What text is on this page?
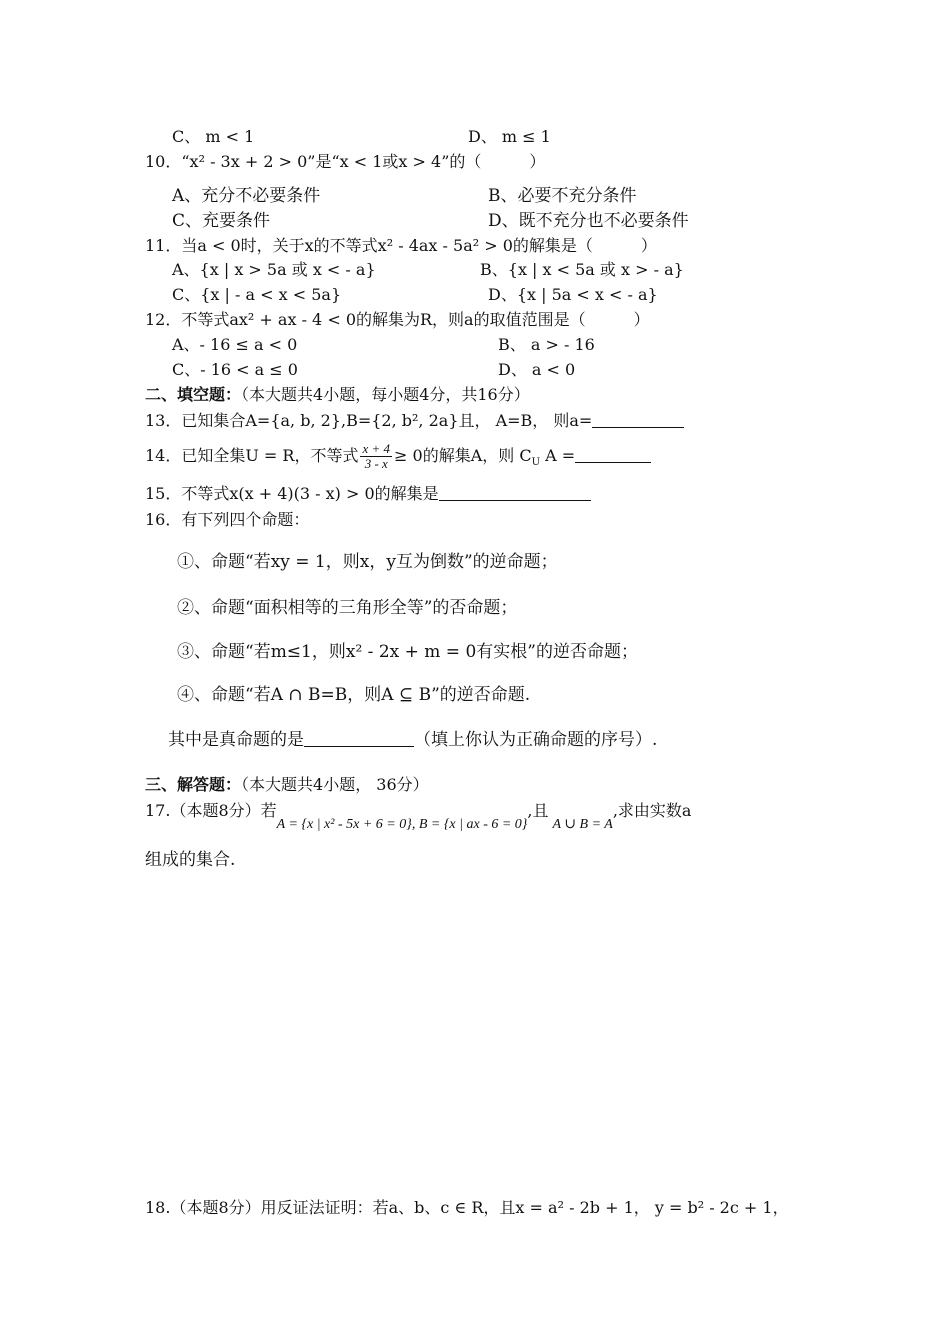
C、 m < 1	D、 m ≤ 1
10．“x² - 3x + 2 > 0”是“x < 1或x > 4”的（　　　）
A、充分不必要条件	B、必要不充分条件
C、充要条件	D、既不充分也不必要条件
11．当a < 0时，关于x的不等式x² - 4ax - 5a² > 0的解集是（　　　）
A、{x | x > 5a 或 x < - a}	B、{x | x < 5a 或 x > - a}
C、{x | - a < x < 5a}	D、{x | 5a < x < - a}
12．不等式ax² + ax - 4 < 0的解集为R，则a的取值范围是（　　　）
A、- 16 ≤ a < 0	B、 a > - 16
C、- 16 < a ≤ 0	D、 a < 0
二、填空题：（本大题共4小题，每小题4分，共16分）
13．已知集合A={a, b, 2},B={2, b², 2a}且， A=B， 则a=
14．已知全集U = R，不等式 $\frac{x + 4}{3 - x} \ge 0$的解集A，则 $C_U$ A =
15．不等式x(x + 4)(3 - x) > 0的解集是
16．有下列四个命题：
①、命题“若xy = 1，则x，y互为倒数”的逆命题；
②、命题“面积相等的三角形全等”的否命题；
③、命题“若m≤1，则x² - 2x + m = 0有实根”的逆否命题；
④、命题“若A ∩ B=B，则A ⊆ B”的逆否命题.
其中是真命题的是	（填上你认为正确命题的序号）.
三、解答题：（本大题共4小题， 36分）
17.（本题8分）若A = {x | x² - 5x + 6 = 0}, B = {x | ax - 6 = 0},且A ∪ B = A,求由实数a
组成的集合.
18.（本题8分）用反证法证明：若a、b、c ∈ R，且x = a² - 2b + 1， y = b² - 2c + 1，
